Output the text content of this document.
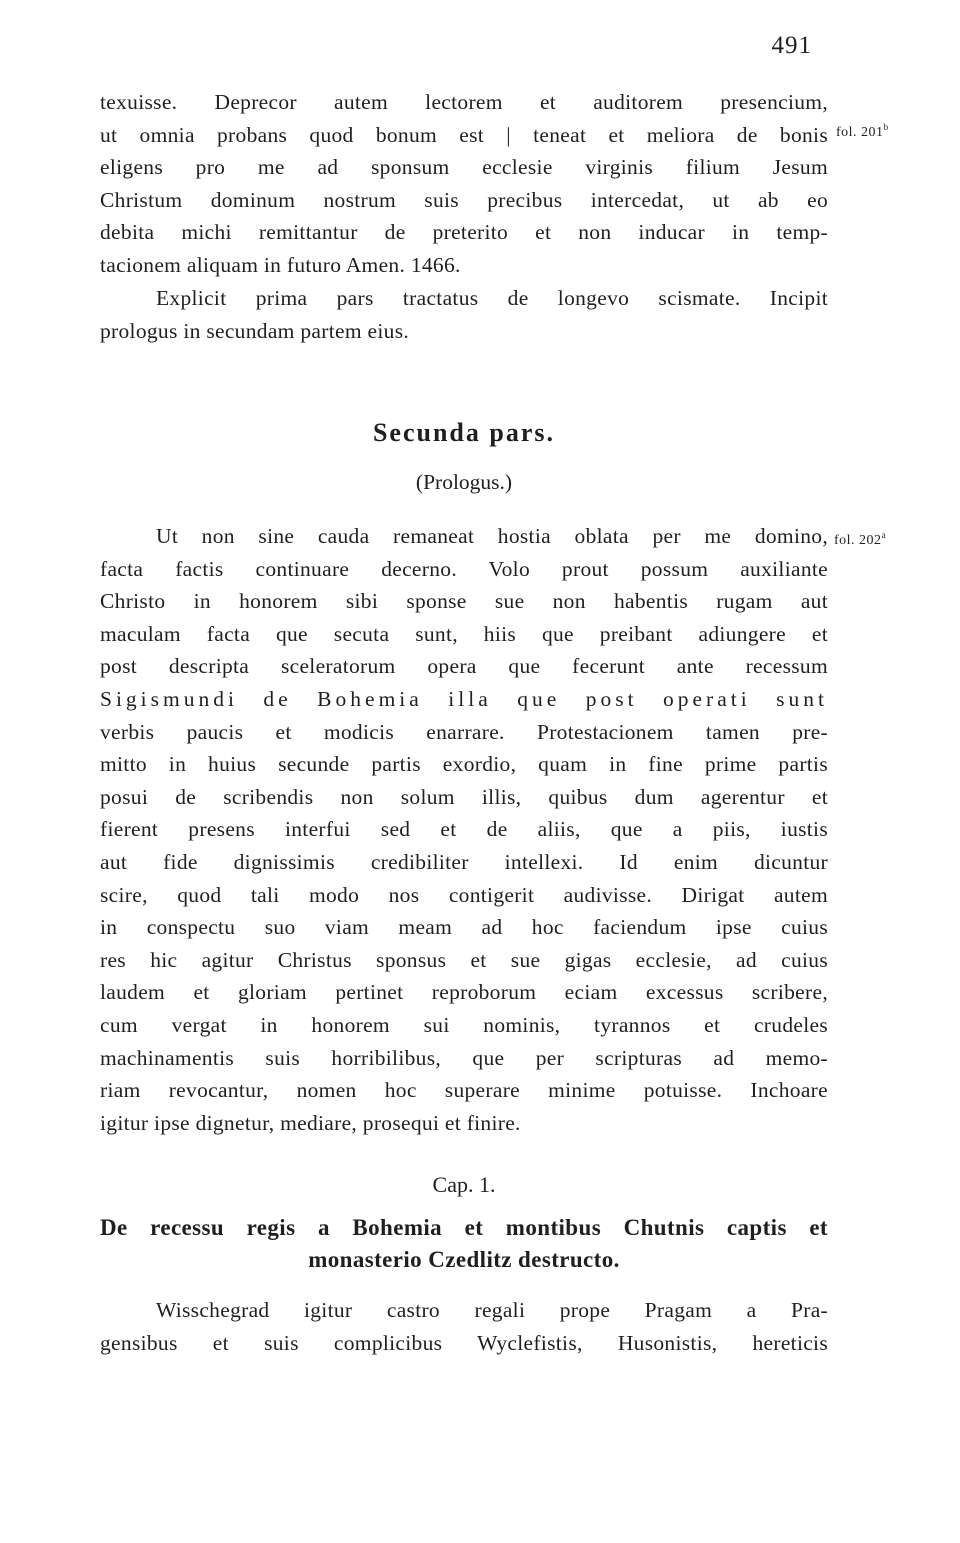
491
texuisse. Deprecor autem lectorem et auditorem presencium,
ut omnia probans quod bonum est | teneat et meliora de bonis
eligens pro me ad sponsum ecclesie virginis filium Jesum
Christum dominum nostrum suis precibus intercedat, ut ab eo
debita michi remittantur de preterito et non inducar in temp-
tacionem aliquam in futuro Amen. 1466.
fol. 201$^b$
Explicit prima pars tractatus de longevo scismate. Incipit
prologus in secundam partem eius.
Secunda pars.
(Prologus.)
Ut non sine cauda remaneat hostia oblata per me domino,
facta factis continuare decerno. Volo prout possum auxiliante
Christo in honorem sibi sponse sue non habentis rugam aut
maculam facta que secuta sunt, hiis que preibant adiungere et
post descripta sceleratorum opera que fecerunt ante recessum
Sigismundi de Bohemia illa que post operati sunt
verbis paucis et modicis enarrare. Protestacionem tamen pre-
mitto in huius secunde partis exordio, quam in fine prime partis
posui de scribendis non solum illis, quibus dum agerentur et
fierent presens interfui sed et de aliis, que a piis, iustis
aut fide dignissimis credibiliter intellexi. Id enim dicuntur
scire, quod tali modo nos contigerit audivisse. Dirigat autem
in conspectu suo viam meam ad hoc faciendum ipse cuius
res hic agitur Christus sponsus et sue gigas ecclesie, ad cuius
laudem et gloriam pertinet reproborum eciam excessus scribere,
cum vergat in honorem sui nominis, tyrannos et crudeles
machinamentis suis horribilibus, que per scripturas ad memo-
riam revocantur, nomen hoc superare minime potuisse. Inchoare
igitur ipse dignetur, mediare, prosequi et finire.
fol. 202$^a$
Cap. 1.
De recessu regis a Bohemia et montibus Chutnis captis et
monasterio Czedlitz destructo.
Wisschegrad igitur castro regali prope Pragam a Pra-
gensibus et suis complicibus Wyclefistis, Husonistis, hereticis
